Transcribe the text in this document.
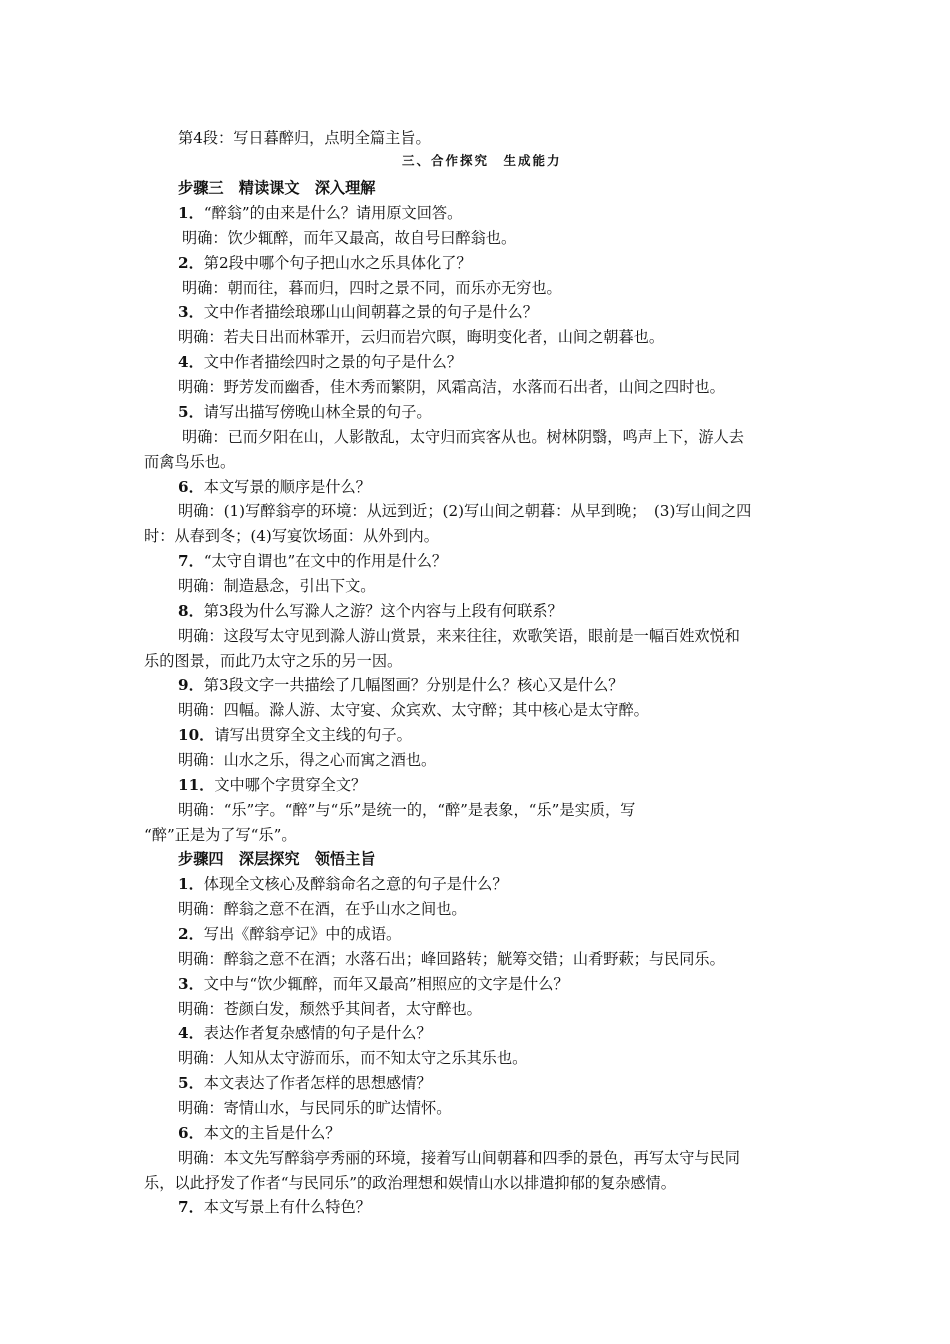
第4段：写日暮醉归，点明全篇主旨。
三、合作探究　生成能力
步骤三　精读课文　深入理解
1．“醉翁”的由来是什么？请用原文回答。
明确：饮少辄醉，而年又最高，故自号曰醉翁也。
2．第2段中哪个句子把山水之乐具体化了？
明确：朝而往，暮而归，四时之景不同，而乐亦无穷也。
3．文中作者描绘琅琊山山间朝暮之景的句子是什么？
明确：若夫日出而林霏开，云归而岩穴暝，晦明变化者，山间之朝暮也。
4．文中作者描绘四时之景的句子是什么？
明确：野芳发而幽香，佳木秀而繁阴，风霜高洁，水落而石出者，山间之四时也。
5．请写出描写傍晚山林全景的句子。
明确：已而夕阳在山，人影散乱，太守归而宾客从也。树林阴翳，鸣声上下，游人去
而禽鸟乐也。
6．本文写景的顺序是什么？
明确：(1)写醉翁亭的环境：从远到近；(2)写山间之朝暮：从早到晚；　(3)写山间之四
时：从春到冬；(4)写宴饮场面：从外到内。
7．“太守自谓也”在文中的作用是什么？
明确：制造悬念，引出下文。
8．第3段为什么写滁人之游？这个内容与上段有何联系？
明确：这段写太守见到滁人游山赏景，来来往往，欢歌笑语，眼前是一幅百姓欢悦和
乐的图景，而此乃太守之乐的另一因。
9．第3段文字一共描绘了几幅图画？分别是什么？核心又是什么？
明确：四幅。滁人游、太守宴、众宾欢、太守醉；其中核心是太守醉。
10．请写出贯穿全文主线的句子。
明确：山水之乐，得之心而寓之酒也。
11．文中哪个字贯穿全文？
明确：“乐”字。“醉”与“乐”是统一的，“醉”是表象，“乐”是实质，写
“醉”正是为了写“乐”。
步骤四　深层探究　领悟主旨
1．体现全文核心及醉翁命名之意的句子是什么？
明确：醉翁之意不在酒，在乎山水之间也。
2．写出《醉翁亭记》中的成语。
明确：醉翁之意不在酒；水落石出；峰回路转；觥筹交错；山肴野蔌；与民同乐。
3．文中与“饮少辄醉，而年又最高”相照应的文字是什么？
明确：苍颜白发，颓然乎其间者，太守醉也。
4．表达作者复杂感情的句子是什么？
明确：人知从太守游而乐，而不知太守之乐其乐也。
5．本文表达了作者怎样的思想感情？
明确：寄情山水，与民同乐的旷达情怀。
6．本文的主旨是什么？
明确：本文先写醉翁亭秀丽的环境，接着写山间朝暮和四季的景色，再写太守与民同
乐，以此抒发了作者“与民同乐”的政治理想和娱情山水以排遣抑郁的复杂感情。
7．本文写景上有什么特色？
